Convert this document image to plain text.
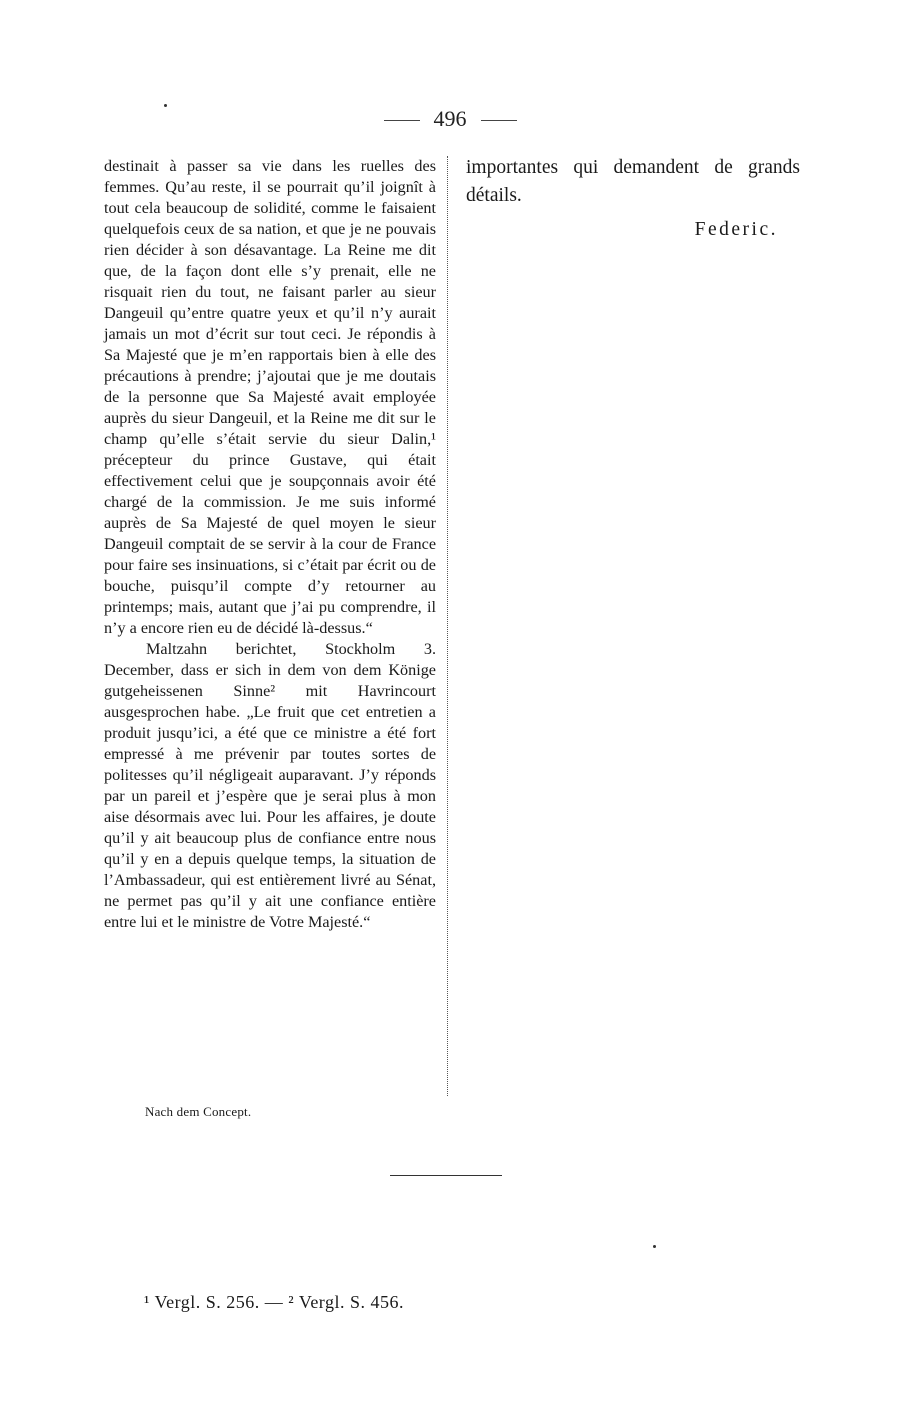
496

destinait à passer sa vie dans les ruelles des femmes. Qu’au reste, il se pourrait qu’il joignît à tout cela beaucoup de solidité, comme le faisaient quelquefois ceux de sa nation, et que je ne pouvais rien décider à son désavantage. La Reine me dit que, de la façon dont elle s’y prenait, elle ne risquait rien du tout, ne faisant parler au sieur Dangeuil qu’entre quatre yeux et qu’il n’y aurait jamais un mot d’écrit sur tout ceci. Je répondis à Sa Majesté que je m’en rapportais bien à elle des précautions à prendre; j’ajoutai que je me doutais de la personne que Sa Majesté avait employée auprès du sieur Dangeuil, et la Reine me dit sur le champ qu’elle s’était servie du sieur Dalin,¹ précepteur du prince Gustave, qui était effectivement celui que je soupçonnais avoir été chargé de la commission. Je me suis informé auprès de Sa Majesté de quel moyen le sieur Dangeuil comptait de se servir à la cour de France pour faire ses insinuations, si c’était par écrit ou de bouche, puisqu’il compte d’y retourner au printemps; mais, autant que j’ai pu comprendre, il n’y a encore rien eu de décidé là-dessus.“

Maltzahn berichtet, Stockholm 3. December, dass er sich in dem von dem Könige gutgeheissenen Sinne² mit Havrincourt ausgesprochen habe. „Le fruit que cet entretien a produit jusqu’ici, a été que ce ministre a été fort empressé à me prévenir par toutes sortes de politesses qu’il négligeait auparavant. J’y réponds par un pareil et j’espère que je serai plus à mon aise désormais avec lui. Pour les affaires, je doute qu’il y ait beaucoup plus de confiance entre nous qu’il y en a depuis quelque temps, la situation de l’Ambassadeur, qui est entièrement livré au Sénat, ne permet pas qu’il y ait une confiance entière entre lui et le ministre de Votre Majesté.“

Nach dem Concept.

importantes qui demandent de grands détails.

Federic.

¹ Vergl. S. 256. — ² Vergl. S. 456.
